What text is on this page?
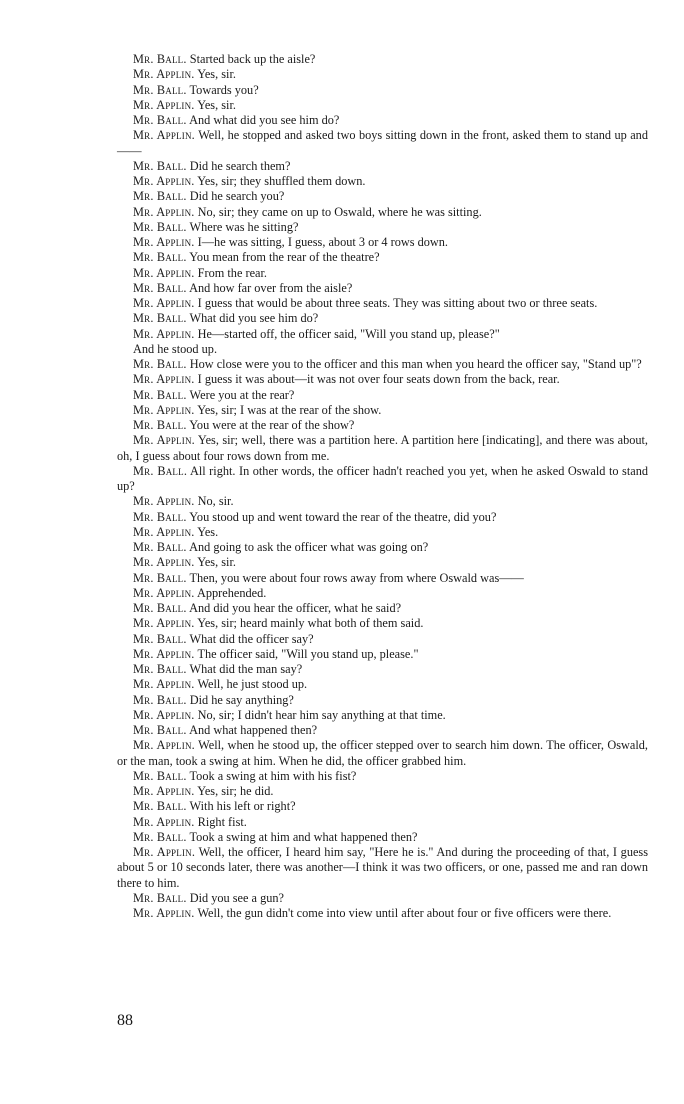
Mr. Ball. Started back up the aisle?

Mr. Applin. Yes, sir.

Mr. Ball. Towards you?

Mr. Applin. Yes, sir.

Mr. Ball. And what did you see him do?

Mr. Applin. Well, he stopped and asked two boys sitting down in the front, asked them to stand up and——

Mr. Ball. Did he search them?

Mr. Applin. Yes, sir; they shuffled them down.

Mr. Ball. Did he search you?

Mr. Applin. No, sir; they came on up to Oswald, where he was sitting.

Mr. Ball. Where was he sitting?

Mr. Applin. I—he was sitting, I guess, about 3 or 4 rows down.

Mr. Ball. You mean from the rear of the theatre?

Mr. Applin. From the rear.

Mr. Ball. And how far over from the aisle?

Mr. Applin. I guess that would be about three seats. They was sitting about two or three seats.

Mr. Ball. What did you see him do?

Mr. Applin. He—started off, the officer said, "Will you stand up, please?"

And he stood up.

Mr. Ball. How close were you to the officer and this man when you heard the officer say, "Stand up"?

Mr. Applin. I guess it was about—it was not over four seats down from the back, rear.

Mr. Ball. Were you at the rear?

Mr. Applin. Yes, sir; I was at the rear of the show.

Mr. Ball. You were at the rear of the show?

Mr. Applin. Yes, sir; well, there was a partition here. A partition here [indicating], and there was about, oh, I guess about four rows down from me.

Mr. Ball. All right. In other words, the officer hadn't reached you yet, when he asked Oswald to stand up?

Mr. Applin. No, sir.

Mr. Ball. You stood up and went toward the rear of the theatre, did you?

Mr. Applin. Yes.

Mr. Ball. And going to ask the officer what was going on?

Mr. Applin. Yes, sir.

Mr. Ball. Then, you were about four rows away from where Oswald was——

Mr. Applin. Apprehended.

Mr. Ball. And did you hear the officer, what he said?

Mr. Applin. Yes, sir; heard mainly what both of them said.

Mr. Ball. What did the officer say?

Mr. Applin. The officer said, "Will you stand up, please."

Mr. Ball. What did the man say?

Mr. Applin. Well, he just stood up.

Mr. Ball. Did he say anything?

Mr. Applin. No, sir; I didn't hear him say anything at that time.

Mr. Ball. And what happened then?

Mr. Applin. Well, when he stood up, the officer stepped over to search him down. The officer, Oswald, or the man, took a swing at him. When he did, the officer grabbed him.

Mr. Ball. Took a swing at him with his fist?

Mr. Applin. Yes, sir; he did.

Mr. Ball. With his left or right?

Mr. Applin. Right fist.

Mr. Ball. Took a swing at him and what happened then?

Mr. Applin. Well, the officer, I heard him say, "Here he is." And during the proceeding of that, I guess about 5 or 10 seconds later, there was another—I think it was two officers, or one, passed me and ran down there to him.

Mr. Ball. Did you see a gun?

Mr. Applin. Well, the gun didn't come into view until after about four or five officers were there.

88
